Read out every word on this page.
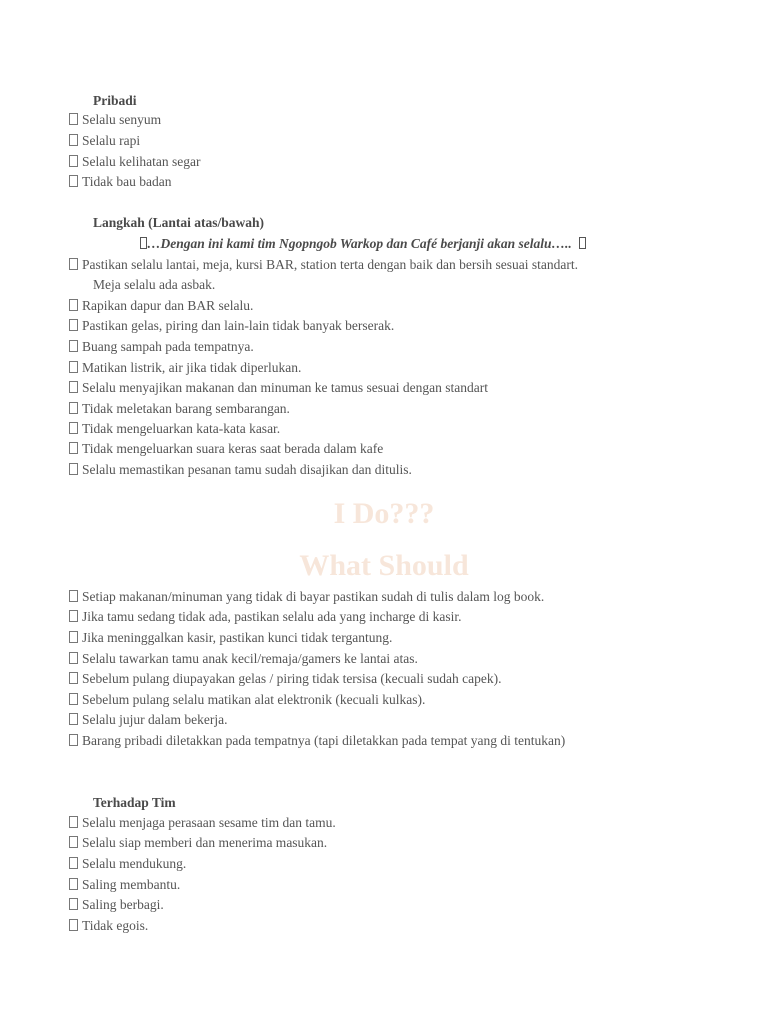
Pribadi
Selalu senyum
Selalu rapi
Selalu kelihatan segar
Tidak bau badan
Langkah (Lantai atas/bawah)
…Dengan ini kami tim Ngopngob Warkop dan Café berjanji akan selalu…..
Pastikan selalu lantai, meja, kursi BAR, station terta dengan baik dan bersih sesuai standart.
Meja selalu ada asbak.
Rapikan dapur dan BAR selalu.
Pastikan gelas, piring dan lain-lain tidak banyak berserak.
Buang sampah pada tempatnya.
Matikan listrik, air jika tidak diperlukan.
Selalu menyajikan makanan dan minuman ke tamus sesuai dengan standart
Tidak meletakan barang sembarangan.
Tidak mengeluarkan kata-kata kasar.
Tidak mengeluarkan suara keras saat berada dalam kafe
Selalu memastikan pesanan tamu sudah disajikan dan ditulis.
I Do???
What Should
Setiap makanan/minuman yang tidak di bayar pastikan sudah di tulis dalam log book.
Jika tamu sedang tidak ada, pastikan selalu ada yang incharge di kasir.
Jika meninggalkan kasir, pastikan kunci tidak tergantung.
Selalu tawarkan tamu anak kecil/remaja/gamers ke lantai atas.
Sebelum pulang diupayakan gelas / piring tidak tersisa (kecuali sudah capek).
Sebelum pulang selalu matikan alat elektronik (kecuali kulkas).
Selalu jujur dalam bekerja.
Barang pribadi diletakkan pada tempatnya (tapi diletakkan pada tempat yang di tentukan)
Terhadap Tim
Selalu menjaga perasaan sesame tim dan tamu.
Selalu siap memberi dan menerima masukan.
Selalu mendukung.
Saling membantu.
Saling berbagi.
Tidak egois.
